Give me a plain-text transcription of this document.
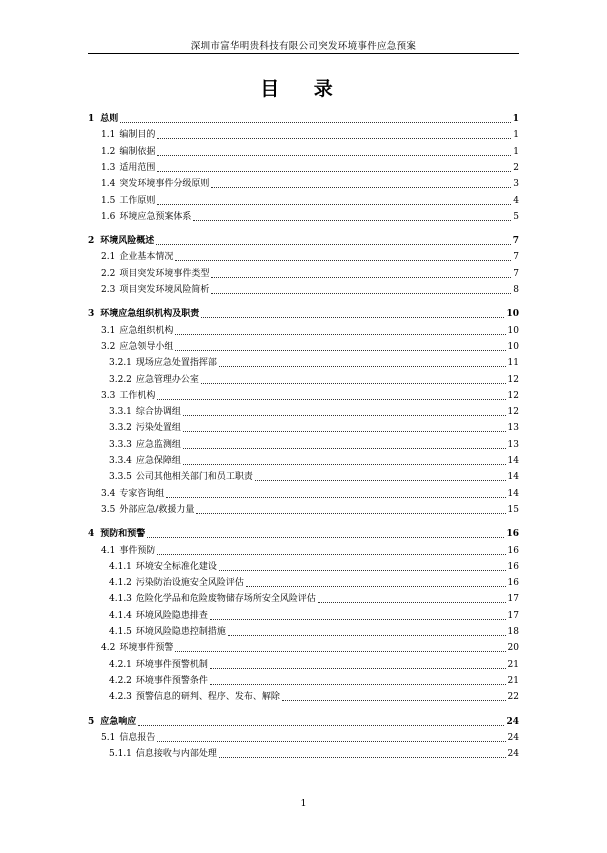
深圳市富华明贵科技有限公司突发环境事件应急预案
目 录
1 总则	1
1.1 编制目的	1
1.2 编制依据	1
1.3 适用范围	2
1.4 突发环境事件分级原则	3
1.5 工作原则	4
1.6 环境应急预案体系	5
2 环境风险概述	7
2.1 企业基本情况	7
2.2 项目突发环境事件类型	7
2.3 项目突发环境风险简析	8
3 环境应急组织机构及职责	10
3.1 应急组织机构	10
3.2 应急领导小组	10
3.2.1 现场应急处置指挥部	11
3.2.2 应急管理办公室	12
3.3 工作机构	12
3.3.1 综合协调组	12
3.3.2 污染处置组	13
3.3.3 应急监测组	13
3.3.4 应急保障组	14
3.3.5 公司其他相关部门和员工职责	14
3.4 专家咨询组	14
3.5 外部应急/救援力量	15
4 预防和预警	16
4.1 事件预防	16
4.1.1 环境安全标准化建设	16
4.1.2 污染防治设施安全风险评估	16
4.1.3 危险化学品和危险废物储存场所安全风险评估	17
4.1.4 环境风险隐患排查	17
4.1.5 环境风险隐患控制措施	18
4.2 环境事件预警	20
4.2.1 环境事件预警机制	21
4.2.2 环境事件预警条件	21
4.2.3 预警信息的研判、程序、发布、解除	22
5 应急响应	24
5.1 信息报告	24
5.1.1 信息接收与内部处理	24
1
